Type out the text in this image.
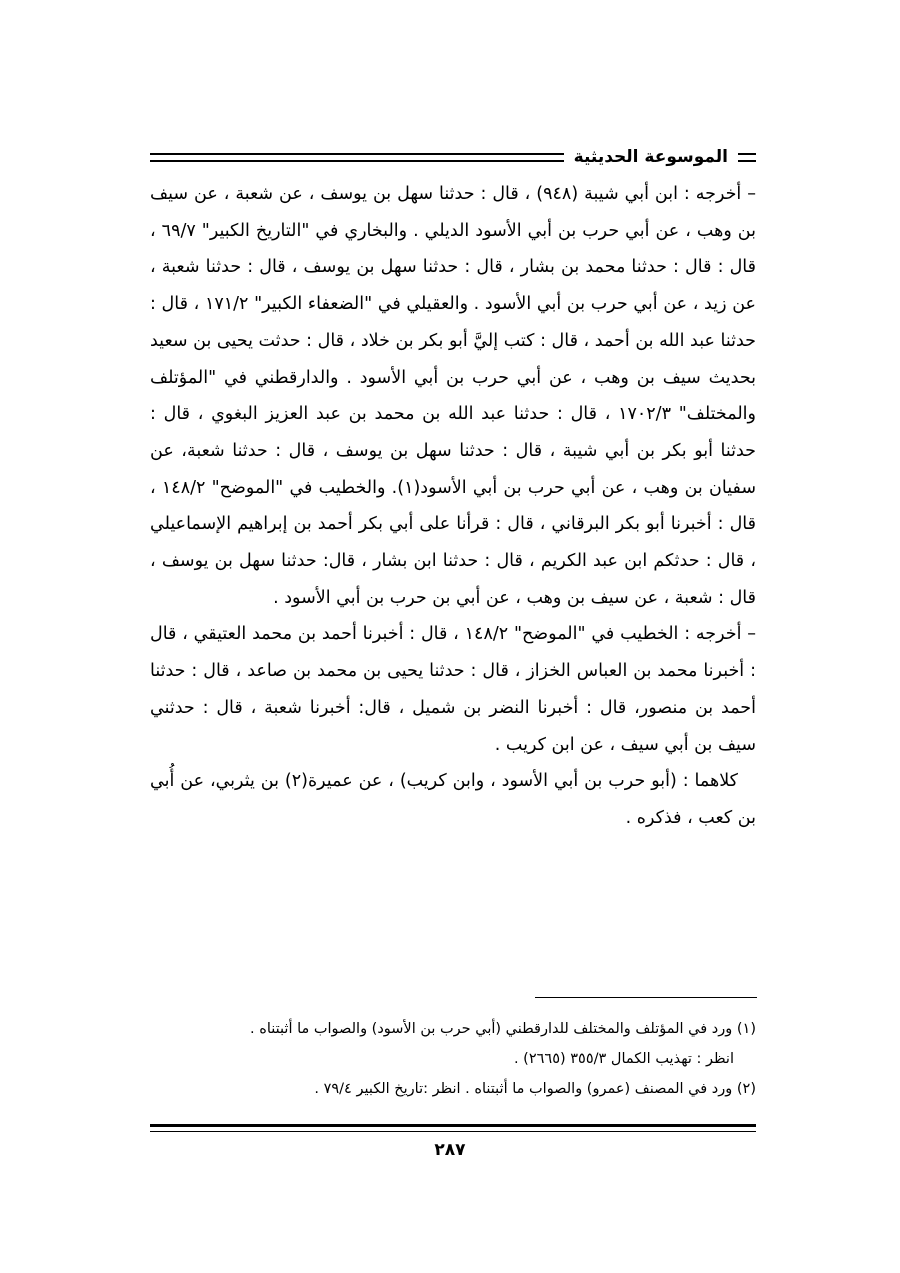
الموسوعة الحديثية

– أخرجه : ابن أبي شيبة (٩٤٨) ، قال : حدثنا سهل بن يوسف ، عن شعبة ، عن سيف بن وهب ، عن أبي حرب بن أبي الأسود الديلي . والبخاري في "التاريخ الكبير" ٦٩/٧ ، قال : قال : حدثنا محمد بن بشار ، قال : حدثنا سهل بن يوسف ، قال : حدثنا شعبة ، عن زيد ، عن أبي حرب بن أبي الأسود . والعقيلي في "الضعفاء الكبير" ١٧١/٢ ، قال : حدثنا عبد الله بن أحمد ، قال : كتب إليَّ أبو بكر بن خلاد ، قال : حدثت يحيى بن سعيد بحديث سيف بن وهب ، عن أبي حرب بن أبي الأسود . والدارقطني في "المؤتلف والمختلف" ١٧٠٢/٣ ، قال : حدثنا عبد الله بن محمد بن عبد العزيز البغوي ، قال : حدثنا أبو بكر بن أبي شيبة ، قال : حدثنا سهل بن يوسف ، قال : حدثنا شعبة، عن سفيان بن وهب ، عن أبي حرب بن أبي الأسود(١). والخطيب في "الموضح" ١٤٨/٢ ، قال : أخبرنا أبو بكر البرقاني ، قال : قرأنا على أبي بكر أحمد بن إبراهيم الإسماعيلي ، قال : حدثكم ابن عبد الكريم ، قال : حدثنا ابن بشار ، قال: حدثنا سهل بن يوسف ، قال : شعبة ، عن سيف بن وهب ، عن أبي بن حرب بن أبي الأسود .

– أخرجه : الخطيب في "الموضح" ١٤٨/٢ ، قال : أخبرنا أحمد بن محمد العتيقي ، قال : أخبرنا محمد بن العباس الخزاز ، قال : حدثنا يحيى بن محمد بن صاعد ، قال : حدثنا أحمد بن منصور، قال : أخبرنا النضر بن شميل ، قال: أخبرنا شعبة ، قال : حدثني سيف بن أبي سيف ، عن ابن كريب .

كلاهما : (أبو حرب بن أبي الأسود ، وابن كريب) ، عن عميرة(٢) بن يثربي، عن أُبي بن كعب ، فذكره .

(١) ورد في المؤتلف والمختلف للدارقطني (أبي حرب بن الأسود) والصواب ما أثبتناه .

انظر : تهذيب الكمال ٣٥٥/٣ (٢٦٦٥) .

(٢) ورد في المصنف (عمرو) والصواب ما أثبتناه . انظر :تاريخ الكبير ٧٩/٤ .

٢٨٧
